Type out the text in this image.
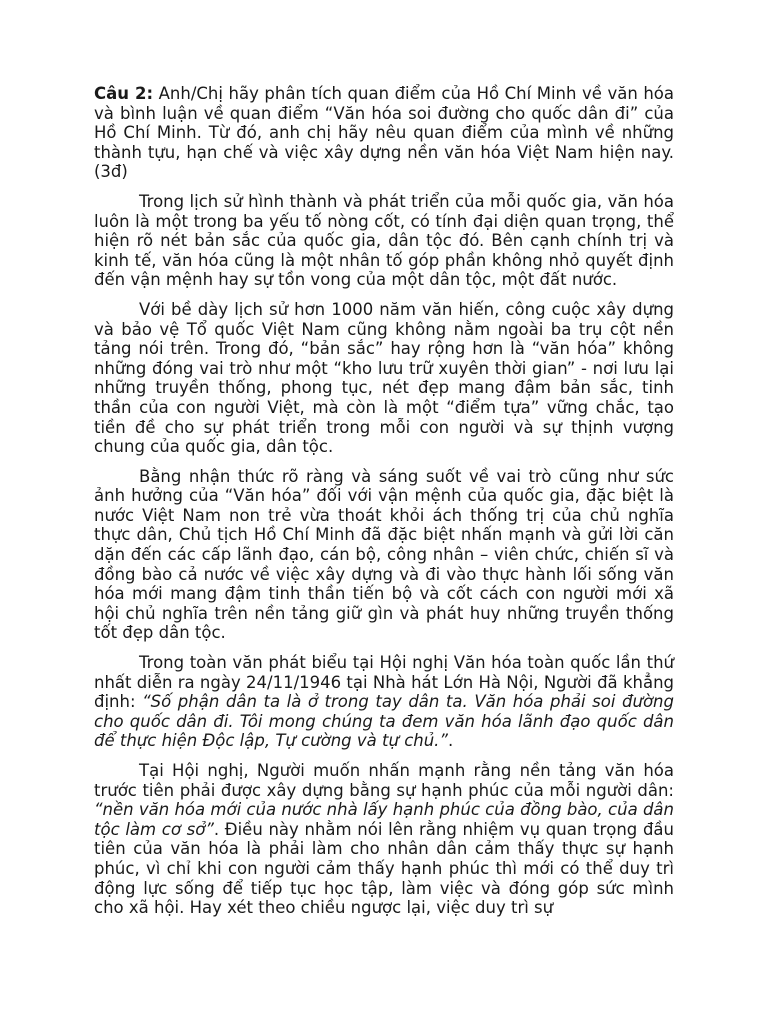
Câu 2: Anh/Chị hãy phân tích quan điểm của Hồ Chí Minh về văn hóa và bình luận về quan điểm “Văn hóa soi đường cho quốc dân đi” của Hồ Chí Minh. Từ đó, anh chị hãy nêu quan điểm của mình về những thành tựu, hạn chế và việc xây dựng nền văn hóa Việt Nam hiện nay. (3đ)

Trong lịch sử hình thành và phát triển của mỗi quốc gia, văn hóa luôn là một trong ba yếu tố nòng cốt, có tính đại diện quan trọng, thể hiện rõ nét bản sắc của quốc gia, dân tộc đó. Bên cạnh chính trị và kinh tế, văn hóa cũng là một nhân tố góp phần không nhỏ quyết định đến vận mệnh hay sự tồn vong của một dân tộc, một đất nước.

Với bề dày lịch sử hơn 1000 năm văn hiến, công cuộc xây dựng và bảo vệ Tổ quốc Việt Nam cũng không nằm ngoài ba trụ cột nền tảng nói trên. Trong đó, “bản sắc” hay rộng hơn là “văn hóa” không những đóng vai trò như một “kho lưu trữ xuyên thời gian” - nơi lưu lại những truyền thống, phong tục, nét đẹp mang đậm bản sắc, tinh thần của con người Việt, mà còn là một “điểm tựa” vững chắc, tạo tiền đề cho sự phát triển trong mỗi con người và sự thịnh vượng chung của quốc gia, dân tộc.

Bằng nhận thức rõ ràng và sáng suốt về vai trò cũng như sức ảnh hưởng của “Văn hóa” đối với vận mệnh của quốc gia, đặc biệt là nước Việt Nam non trẻ vừa thoát khỏi ách thống trị của chủ nghĩa thực dân, Chủ tịch Hồ Chí Minh đã đặc biệt nhấn mạnh và gửi lời căn dặn đến các cấp lãnh đạo, cán bộ, công nhân – viên chức, chiến sĩ và đồng bào cả nước về việc xây dựng và đi vào thực hành lối sống văn hóa mới mang đậm tinh thần tiến bộ và cốt cách con người mới xã hội chủ nghĩa trên nền tảng giữ gìn và phát huy những truyền thống tốt đẹp dân tộc.

Trong toàn văn phát biểu tại Hội nghị Văn hóa toàn quốc lần thứ nhất diễn ra ngày 24/11/1946 tại Nhà hát Lớn Hà Nội, Người đã khẳng định: “Số phận dân ta là ở trong tay dân ta. Văn hóa phải soi đường cho quốc dân đi. Tôi mong chúng ta đem văn hóa lãnh đạo quốc dân để thực hiện Độc lập, Tự cường và tự chủ.”.

Tại Hội nghị, Người muốn nhấn mạnh rằng nền tảng văn hóa trước tiên phải được xây dựng bằng sự hạnh phúc của mỗi người dân: “nền văn hóa mới của nước nhà lấy hạnh phúc của đồng bào, của dân tộc làm cơ sở”. Điều này nhằm nói lên rằng nhiệm vụ quan trọng đầu tiên của văn hóa là phải làm cho nhân dân cảm thấy thực sự hạnh phúc, vì chỉ khi con người cảm thấy hạnh phúc thì mới có thể duy trì động lực sống để tiếp tục học tập, làm việc và đóng góp sức mình cho xã hội. Hay xét theo chiều ngược lại, việc duy trì sự
